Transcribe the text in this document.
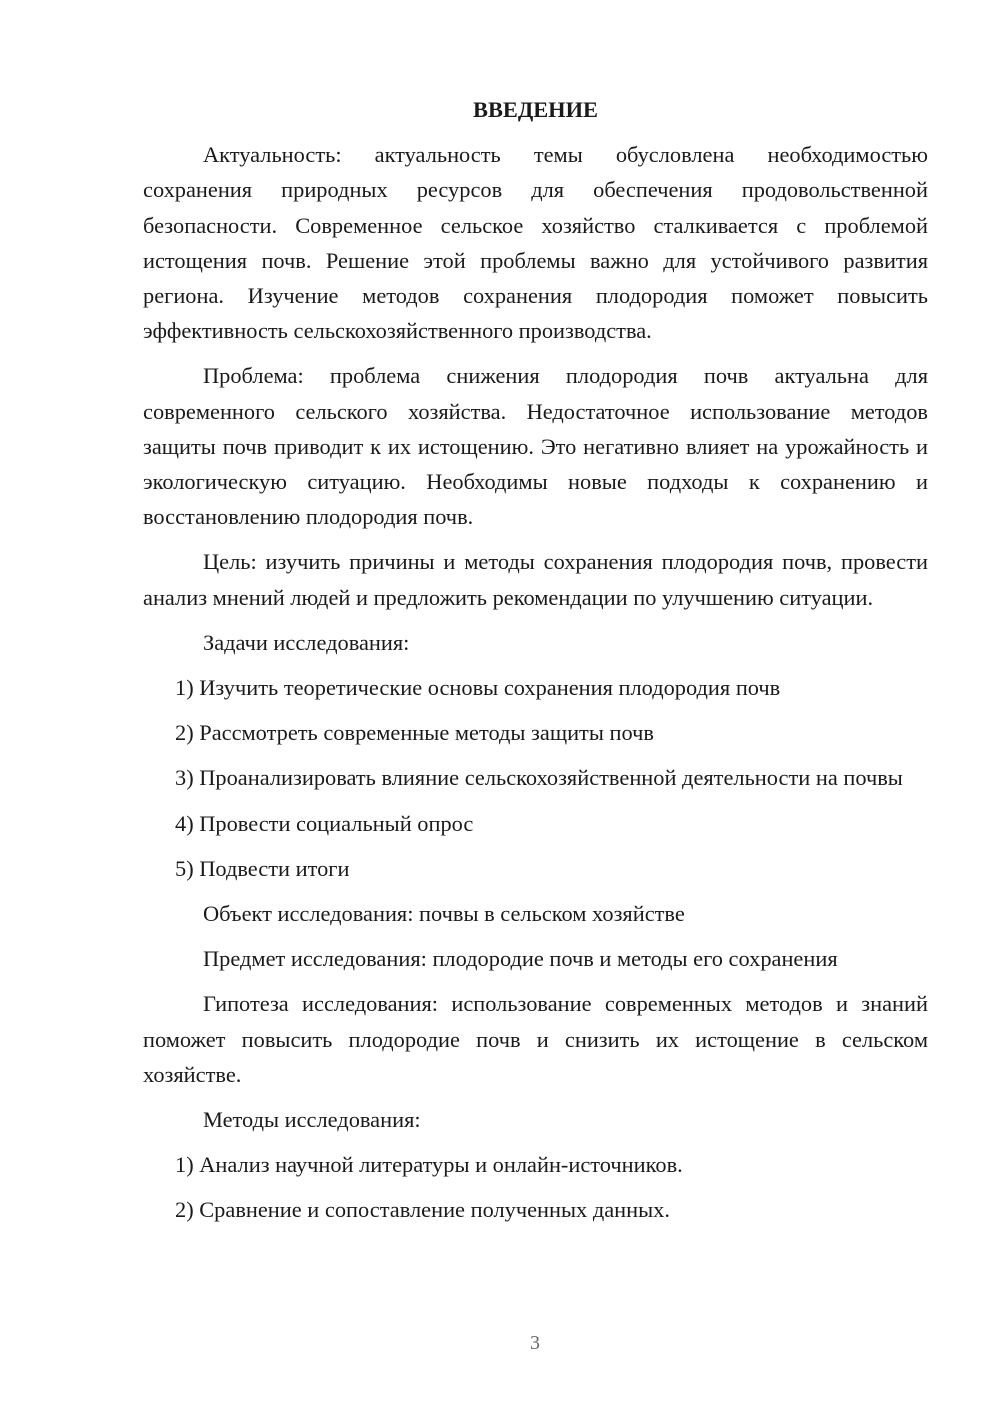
ВВЕДЕНИЕ

Актуальность: актуальность темы обусловлена необходимостью сохранения природных ресурсов для обеспечения продовольственной безопасности. Современное сельское хозяйство сталкивается с проблемой истощения почв. Решение этой проблемы важно для устойчивого развития региона. Изучение методов сохранения плодородия поможет повысить эффективность сельскохозяйственного производства.

Проблема: проблема снижения плодородия почв актуальна для современного сельского хозяйства. Недостаточное использование методов защиты почв приводит к их истощению. Это негативно влияет на урожайность и экологическую ситуацию. Необходимы новые подходы к сохранению и восстановлению плодородия почв.

Цель: изучить причины и методы сохранения плодородия почв, провести анализ мнений людей и предложить рекомендации по улучшению ситуации.

Задачи исследования:

1) Изучить теоретические основы сохранения плодородия почв

2) Рассмотреть современные методы защиты почв

3) Проанализировать влияние сельскохозяйственной деятельности на почвы

4) Провести социальный опрос

5) Подвести итоги

Объект исследования: почвы в сельском хозяйстве

Предмет исследования: плодородие почв и методы его сохранения

Гипотеза исследования: использование современных методов и знаний поможет повысить плодородие почв и снизить их истощение в сельском хозяйстве.

Методы исследования:

1) Анализ научной литературы и онлайн-источников.

2) Сравнение и сопоставление полученных данных.

3
